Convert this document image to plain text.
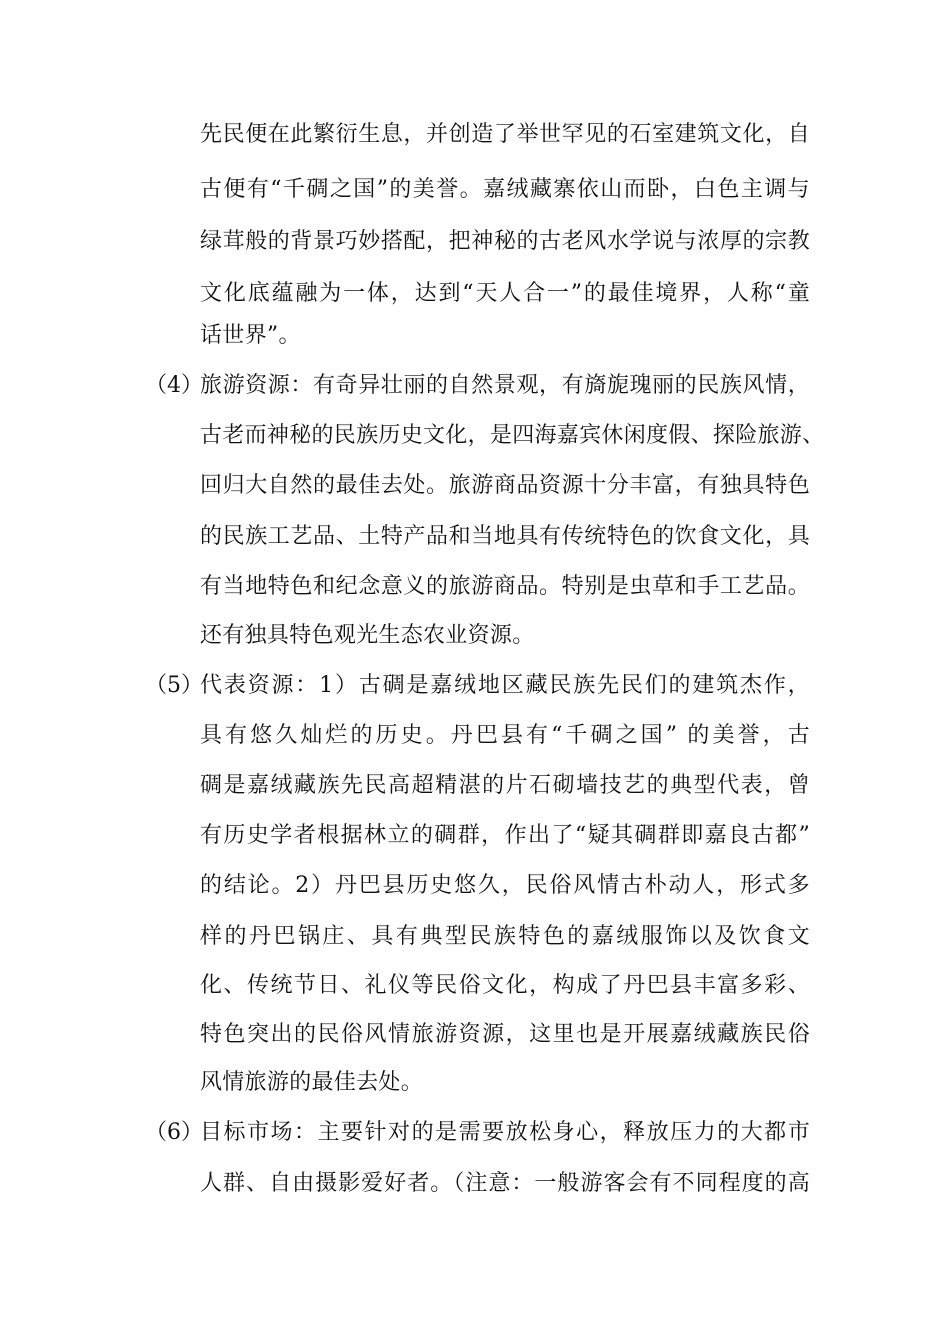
先民便在此繁衍生息，并创造了举世罕见的石室建筑文化，自
古便有“千碉之国”的美誉。嘉绒藏寨依山而卧，白色主调与
绿茸般的背景巧妙搭配，把神秘的古老风水学说与浓厚的宗教
文化底蕴融为一体，达到“天人合一”的最佳境界，人称“童
话世界”。
（4）
旅游资源：有奇异壮丽的自然景观，有旖旎瑰丽的民族风情，
古老而神秘的民族历史文化，是四海嘉宾休闲度假、探险旅游、
回归大自然的最佳去处。旅游商品资源十分丰富，有独具特色
的民族工艺品、土特产品和当地具有传统特色的饮食文化，具
有当地特色和纪念意义的旅游商品。特别是虫草和手工艺品。
还有独具特色观光生态农业资源。
（5）
代表资源：1）古碉是嘉绒地区藏民族先民们的建筑杰作，
具有悠久灿烂的历史。丹巴县有“千碉之国” 的美誉，古
碉是嘉绒藏族先民高超精湛的片石砌墙技艺的典型代表，曾
有历史学者根据林立的碉群，作出了“疑其碉群即嘉良古都”
的结论。2）丹巴县历史悠久，民俗风情古朴动人，形式多
样的丹巴锅庄、具有典型民族特色的嘉绒服饰以及饮食文
化、传统节日、礼仪等民俗文化，构成了丹巴县丰富多彩、
特色突出的民俗风情旅游资源，这里也是开展嘉绒藏族民俗
风情旅游的最佳去处。
（6）
目标市场：主要针对的是需要放松身心，释放压力的大都市
人群、自由摄影爱好者。（注意：一般游客会有不同程度的高
